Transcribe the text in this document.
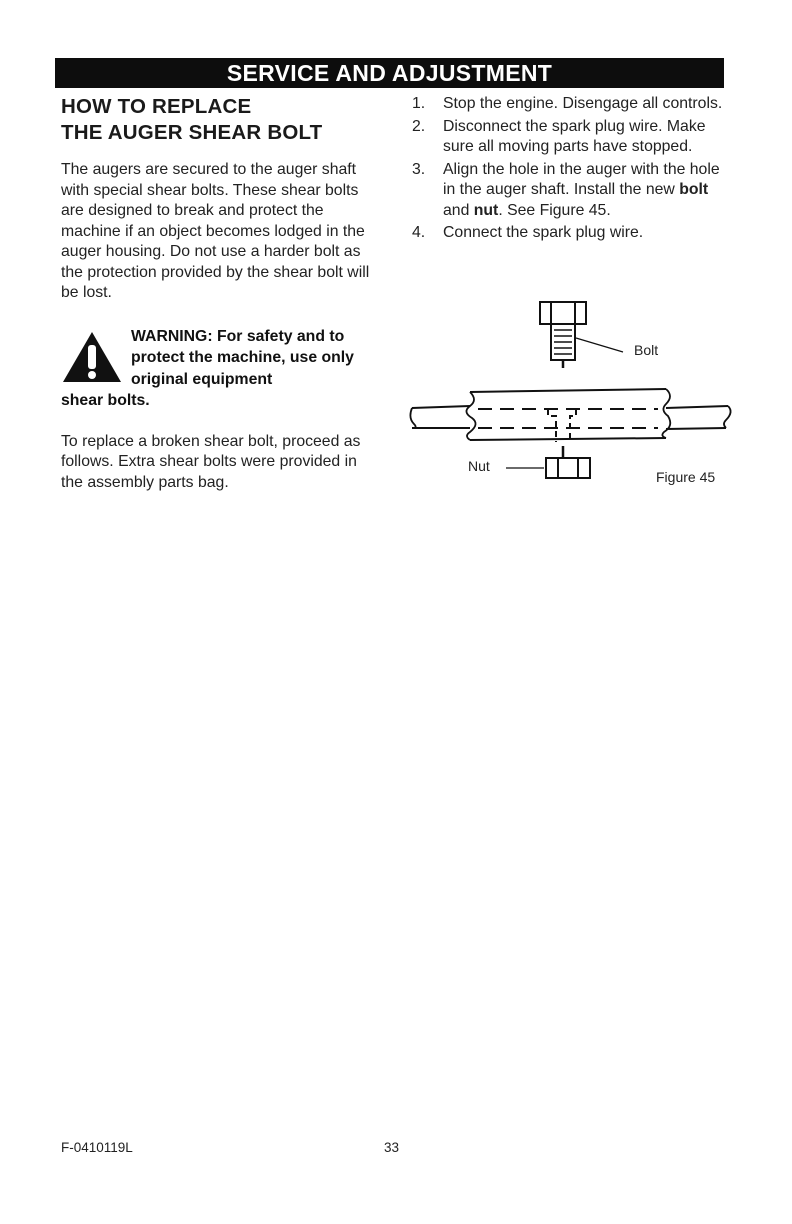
SERVICE AND ADJUSTMENT
HOW TO REPLACE
THE AUGER SHEAR BOLT

The augers are secured to the auger shaft with special shear bolts. These shear bolts are designed to break and protect the machine if an object becomes lodged in the auger housing. Do not use a harder bolt as the protection provided by the shear bolt will be lost.

WARNING: For safety and to protect the machine, use only original equipment
shear bolts.

To replace a broken shear bolt, proceed as follows. Extra shear bolts were provided in the assembly parts bag.

1. Stop the engine. Disengage all controls.
2. Disconnect the spark plug wire. Make sure all moving parts have stopped.
3. Align the hole in the auger with the hole in the auger shaft. Install the new bolt and nut. See Figure 45.
4. Connect the spark plug wire.
Bolt
Nut
Figure 45
F-0410119L	33
